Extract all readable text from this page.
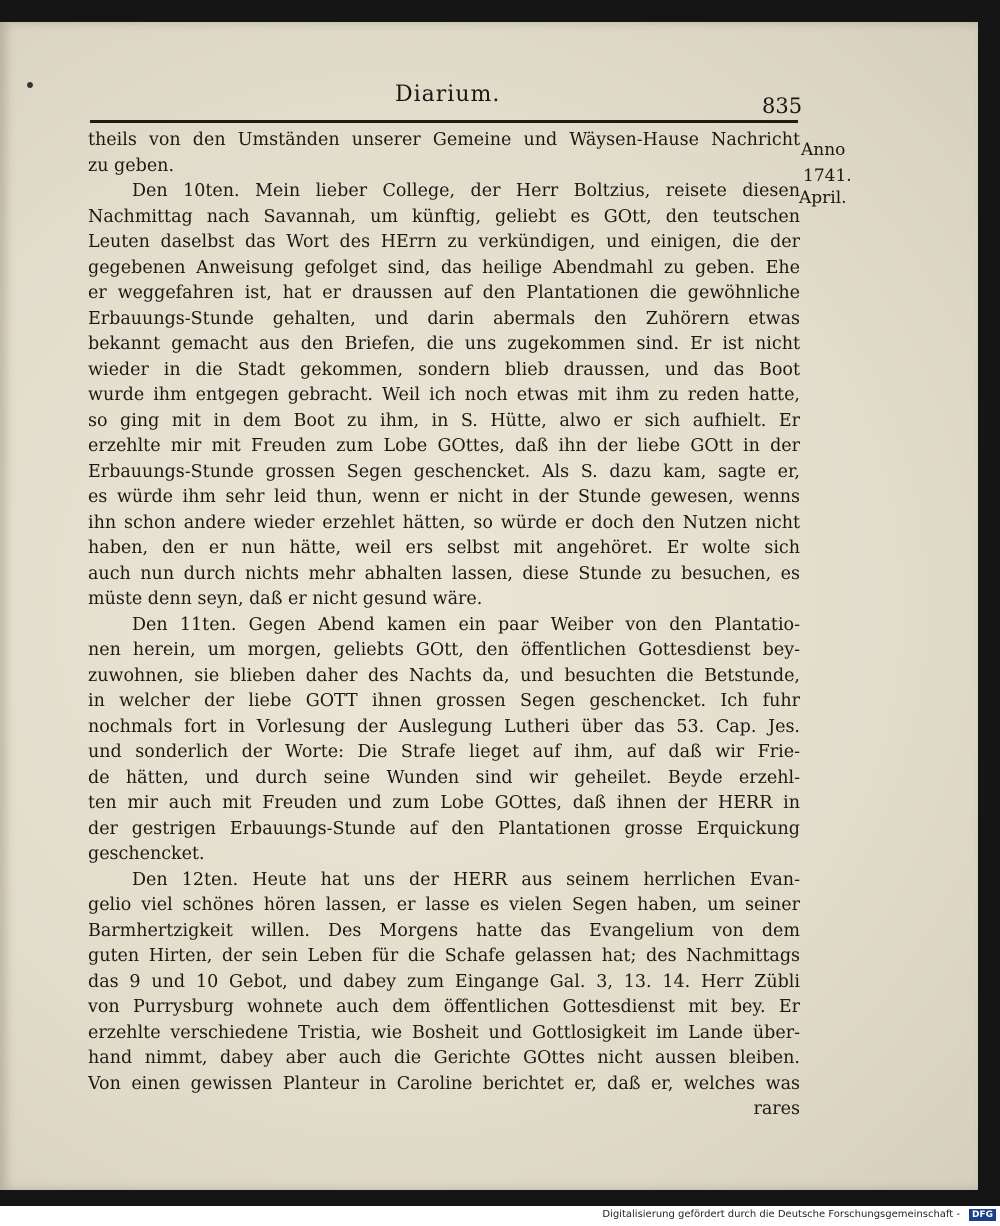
Diarium.	835
Anno
1741.
April.
theils von den Umständen unserer Gemeine und Wäysen-Hause Nachricht
zu geben.
Den 10ten. Mein lieber College, der Herr Boltzius, reisete diesen
Nachmittag nach Savannah, um künftig, geliebt es GOtt, den teutschen
Leuten daselbst das Wort des HErrn zu verkündigen, und einigen, die der
gegebenen Anweisung gefolget sind, das heilige Abendmahl zu geben. Ehe
er weggefahren ist, hat er draussen auf den Plantationen die gewöhnliche
Erbauungs-Stunde gehalten, und darin abermals den Zuhörern etwas
bekannt gemacht aus den Briefen, die uns zugekommen sind. Er ist nicht
wieder in die Stadt gekommen, sondern blieb draussen, und das Boot
wurde ihm entgegen gebracht. Weil ich noch etwas mit ihm zu reden hatte,
so ging mit in dem Boot zu ihm, in S. Hütte, alwo er sich aufhielt. Er
erzehlte mir mit Freuden zum Lobe GOttes, daß ihn der liebe GOtt in der
Erbauungs-Stunde grossen Segen geschencket. Als S. dazu kam, sagte er,
es würde ihm sehr leid thun, wenn er nicht in der Stunde gewesen, wenns
ihn schon andere wieder erzehlet hätten, so würde er doch den Nutzen nicht
haben, den er nun hätte, weil ers selbst mit angehöret. Er wolte sich
auch nun durch nichts mehr abhalten lassen, diese Stunde zu besuchen, es
müste denn seyn, daß er nicht gesund wäre.
Den 11ten. Gegen Abend kamen ein paar Weiber von den Plantatio-
nen herein, um morgen, geliebts GOtt, den öffentlichen Gottesdienst bey-
zuwohnen, sie blieben daher des Nachts da, und besuchten die Betstunde,
in welcher der liebe GOTT ihnen grossen Segen geschencket. Ich fuhr
nochmals fort in Vorlesung der Auslegung Lutheri über das 53. Cap. Jes.
und sonderlich der Worte: Die Strafe lieget auf ihm, auf daß wir Frie-
de hätten, und durch seine Wunden sind wir geheilet. Beyde erzehl-
ten mir auch mit Freuden und zum Lobe GOttes, daß ihnen der HERR in
der gestrigen Erbauungs-Stunde auf den Plantationen grosse Erquickung
geschencket.
Den 12ten. Heute hat uns der HERR aus seinem herrlichen Evan-
gelio viel schönes hören lassen, er lasse es vielen Segen haben, um seiner
Barmhertzigkeit willen. Des Morgens hatte das Evangelium von dem
guten Hirten, der sein Leben für die Schafe gelassen hat; des Nachmittags
das 9 und 10 Gebot, und dabey zum Eingange Gal. 3, 13. 14. Herr Zübli
von Purrysburg wohnete auch dem öffentlichen Gottesdienst mit bey. Er
erzehlte verschiedene Tristia, wie Bosheit und Gottlosigkeit im Lande über-
hand nimmt, dabey aber auch die Gerichte GOttes nicht aussen bleiben.
Von einen gewissen Planteur in Caroline berichtet er, daß er, welches was
rares
Digitalisierung gefördert durch die Deutsche Forschungsgemeinschaft -	DFG
